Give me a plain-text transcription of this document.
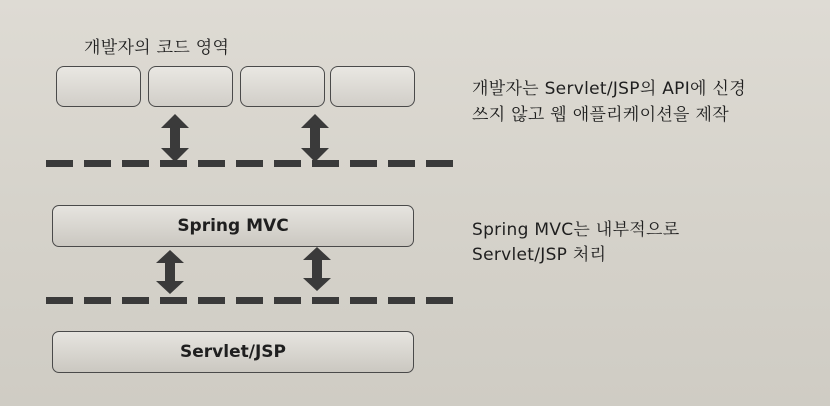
개발자의 코드 영역
Spring MVC
Servlet/JSP
개발자는 Servlet/JSP의 API에 신경
쓰지 않고 웹 애플리케이션을 제작
Spring MVC는 내부적으로
Servlet/JSP 처리
